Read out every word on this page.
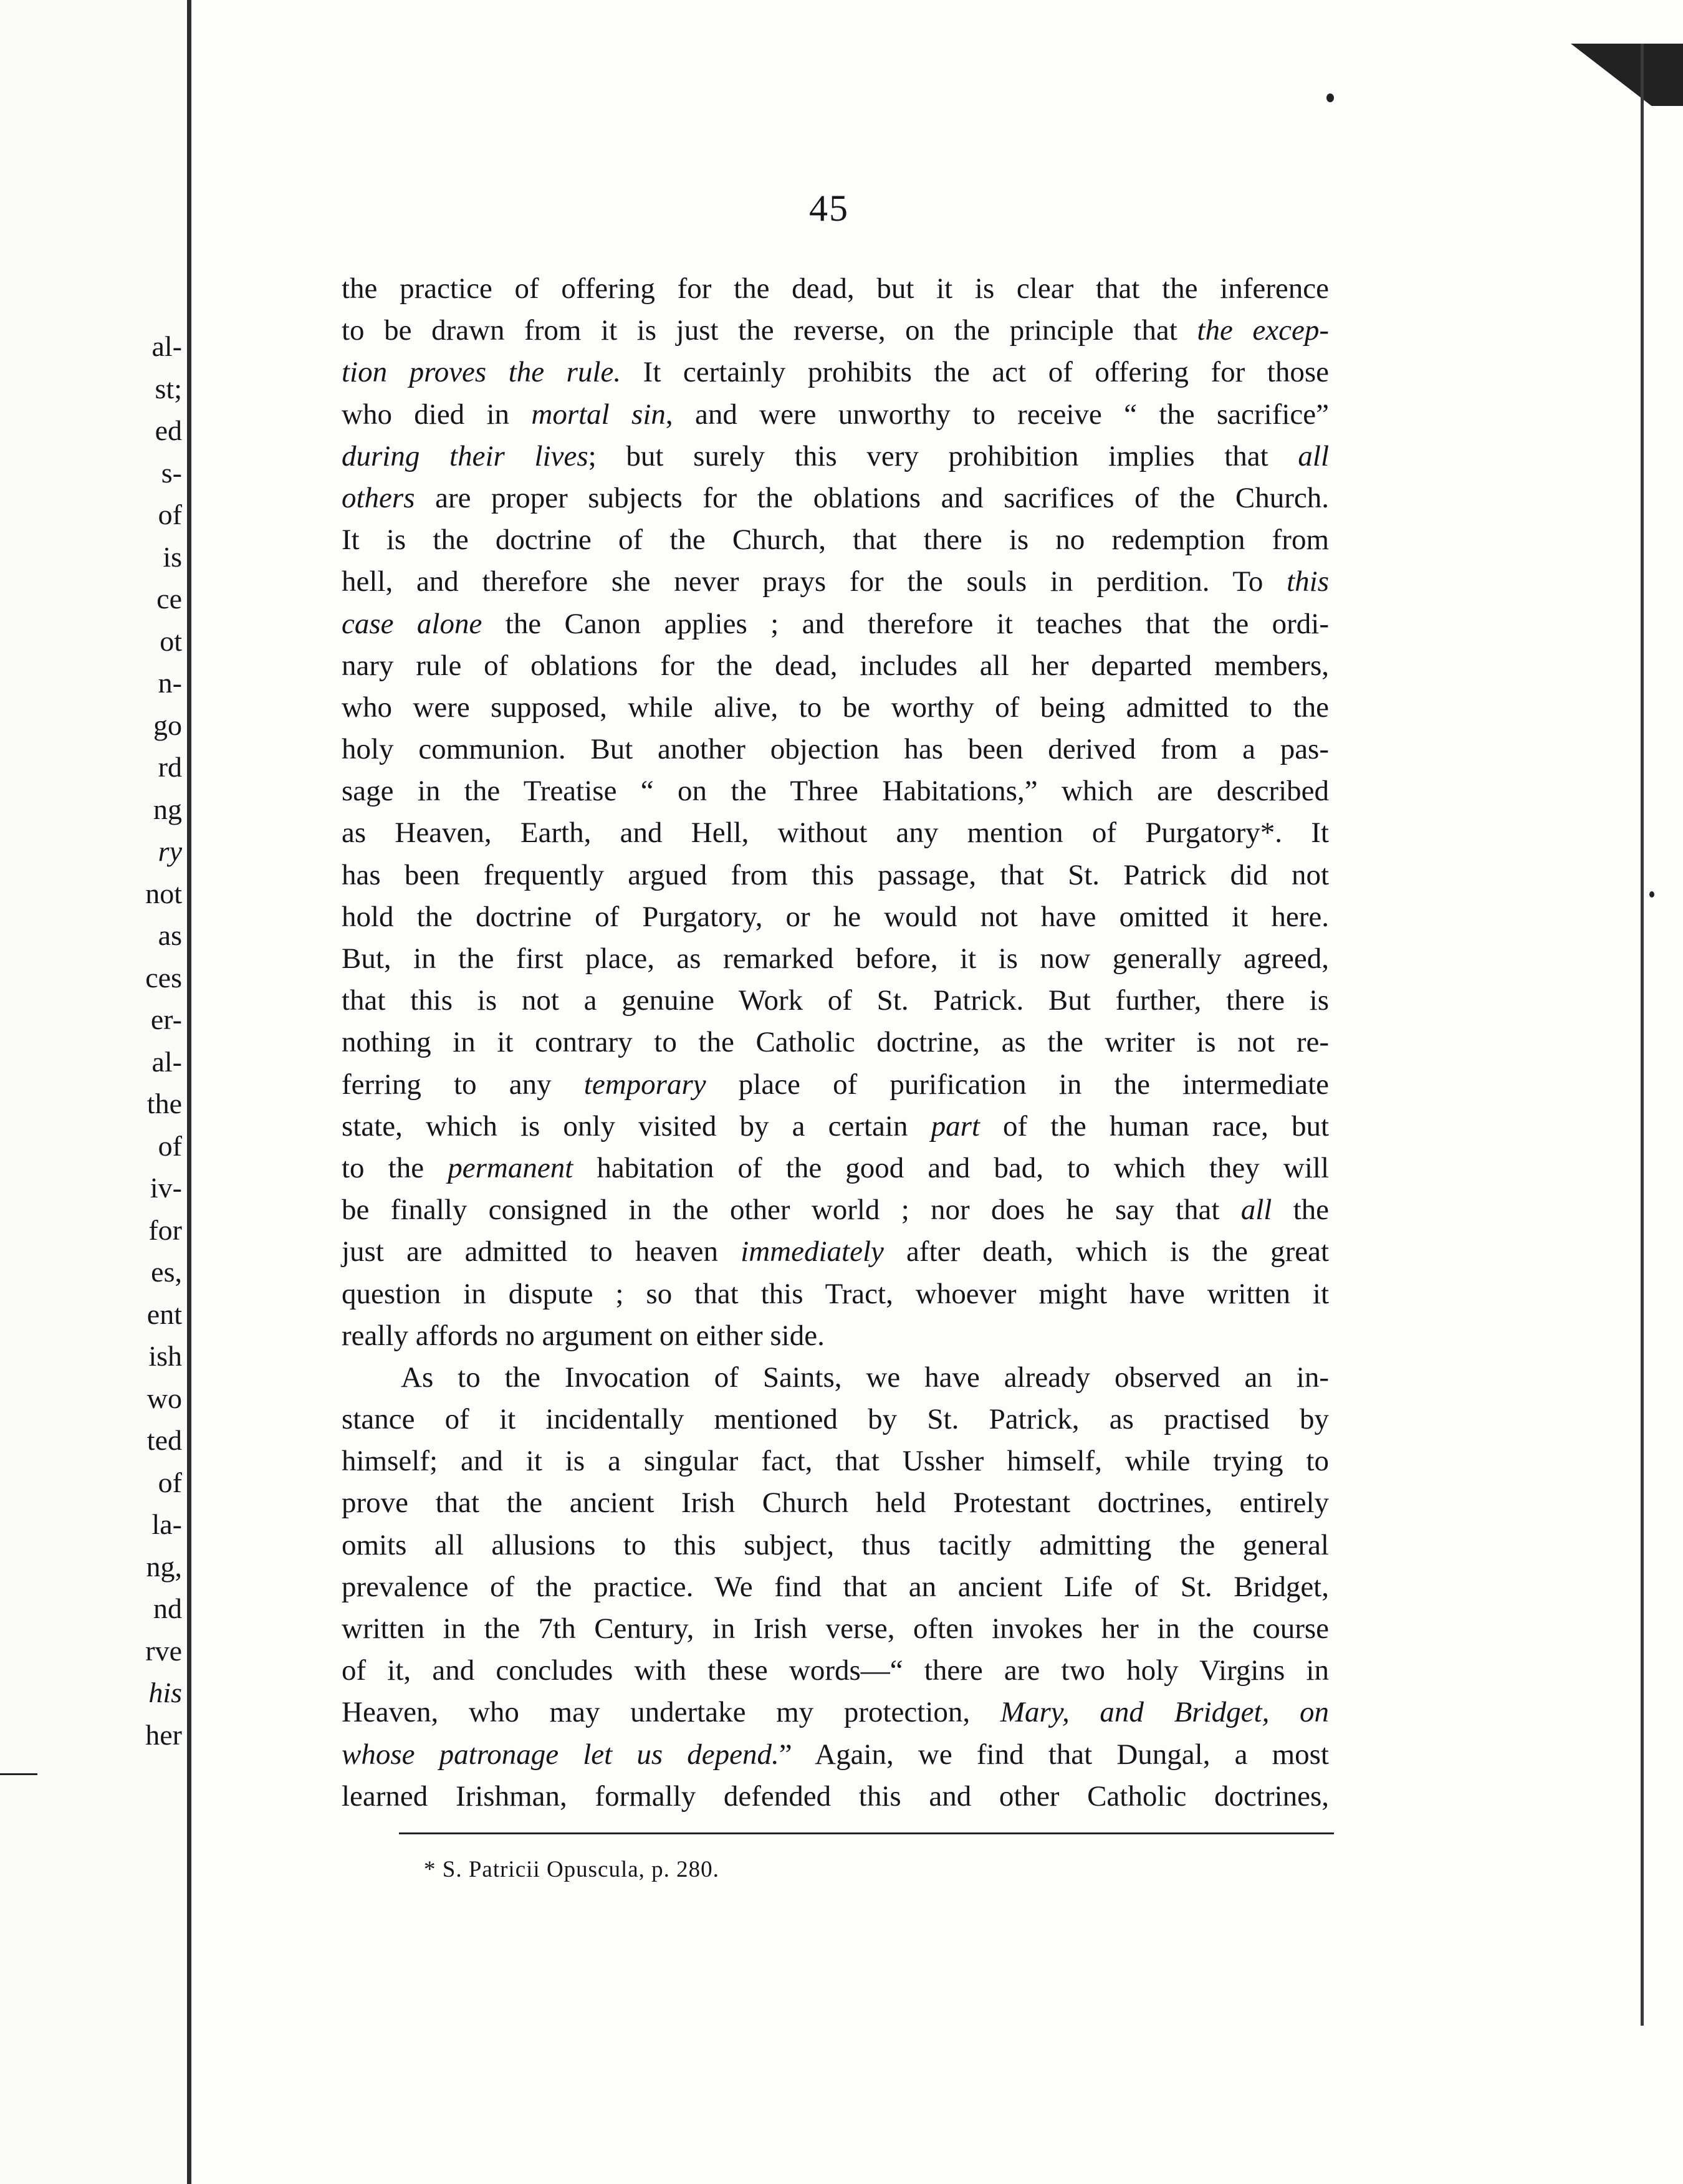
al-
st;
ed
s-
of
is
ce
ot
n-
go
rd
ng
ry
not
as
ces
er-
al-
the
of
iv-
for
es,
ent
ish
wo
ted
of
la-
ng,
nd
rve
his
her
45
the practice of offering for the dead, but it is clear that the inference
to be drawn from it is just the reverse, on the principle that the excep-
tion proves the rule. It certainly prohibits the act of offering for those
who died in mortal sin, and were unworthy to receive “ the sacrifice”
during their lives; but surely this very prohibition implies that all
others are proper subjects for the oblations and sacrifices of the Church.
It is the doctrine of the Church, that there is no redemption from
hell, and therefore she never prays for the souls in perdition. To this
case alone the Canon applies ; and therefore it teaches that the ordi-
nary rule of oblations for the dead, includes all her departed members,
who were supposed, while alive, to be worthy of being admitted to the
holy communion. But another objection has been derived from a pas-
sage in the Treatise “ on the Three Habitations,” which are described
as Heaven, Earth, and Hell, without any mention of Purgatory*. It
has been frequently argued from this passage, that St. Patrick did not
hold the doctrine of Purgatory, or he would not have omitted it here.
But, in the first place, as remarked before, it is now generally agreed,
that this is not a genuine Work of St. Patrick. But further, there is
nothing in it contrary to the Catholic doctrine, as the writer is not re-
ferring to any temporary place of purification in the intermediate
state, which is only visited by a certain part of the human race, but
to the permanent habitation of the good and bad, to which they will
be finally consigned in the other world ; nor does he say that all the
just are admitted to heaven immediately after death, which is the great
question in dispute ; so that this Tract, whoever might have written it
really affords no argument on either side.
As to the Invocation of Saints, we have already observed an in-
stance of it incidentally mentioned by St. Patrick, as practised by
himself; and it is a singular fact, that Ussher himself, while trying to
prove that the ancient Irish Church held Protestant doctrines, entirely
omits all allusions to this subject, thus tacitly admitting the general
prevalence of the practice. We find that an ancient Life of St. Bridget,
written in the 7th Century, in Irish verse, often invokes her in the course
of it, and concludes with these words—“ there are two holy Virgins in
Heaven, who may undertake my protection, Mary, and Bridget, on
whose patronage let us depend.” Again, we find that Dungal, a most
learned Irishman, formally defended this and other Catholic doctrines,
* S. Patricii Opuscula, p. 280.
